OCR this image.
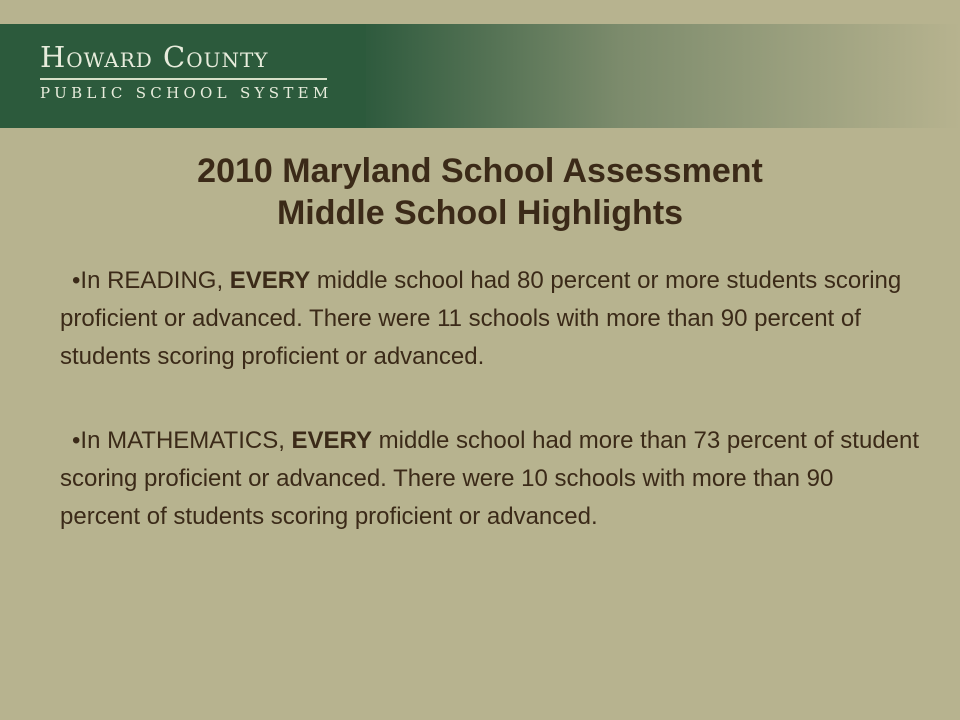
Howard County
PUBLIC SCHOOL SYSTEM
2010 Maryland School Assessment
Middle School Highlights

•In READING, EVERY middle school had 80 percent or more students scoring proficient or advanced. There were 11 schools with more than 90 percent of students scoring proficient or advanced.

•In MATHEMATICS, EVERY middle school had more than 73 percent of student scoring proficient or advanced. There were 10 schools with more than 90 percent of students scoring proficient or advanced.
